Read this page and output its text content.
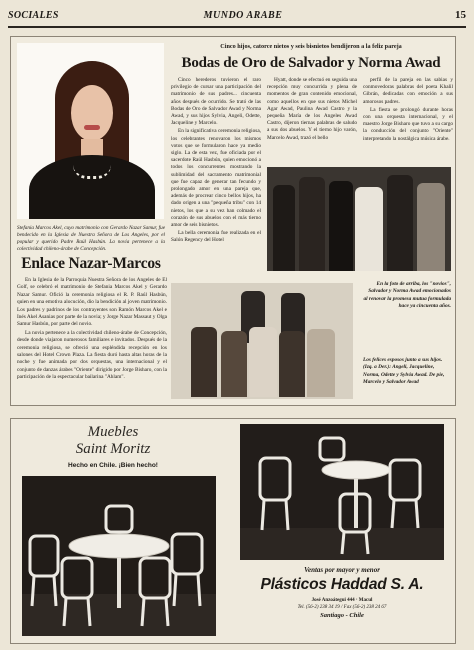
SOCIALES	MUNDO ARABE	15

Stefania Marcos Akel, cuyo matrimonio con Gerardo Nazar Samur, fue bendecido en la Iglesia de Nuestra Señora de Los Angeles, por el popular y querido Padre Raúl Hasbún. La novia pertenece a la colectividad chileno-árabe de Concepción.

Enlace Nazar-Marcos

En la Iglesia de la Parroquia Nuestra Señora de los Angeles de El Golf, se celebró el matrimonio de Stefania Marcos Akel y Gerardo Nazar Samur. Ofició la ceremonia religiosa el R. P. Raúl Hasbún, quien en una emotiva alocución, dio la bendición al joven matrimonio. Los padres y padrinos de los contrayentes son Ramón Marcos Akel e Inés Akel Asanias por parte de la novia; y Jorge Nazar Massaut y Olga Samur Hasbún, por parte del novio.

La novia pertenece a la colectividad chileno-árabe de Concepción, desde donde viajaron numerosos familiares e invitados. Después de la ceremonia religiosa, se ofreció una espléndida recepción en los salones del Hotel Crown Plaza. La fiesta duró hasta altas horas de la noche y fue animada por dos orquestas, una internacional y el conjunto de danzas árabes "Oriente" dirigido por Jorge Bisharo, con la participación de la espectacular bailarina "Ahlam".

Cinco hijos, catorce nietos y seis bisnietos bendijeron a la feliz pareja

Bodas de Oro de Salvador y Norma Awad

Cinco herederos tuvieron el raro privilegio de cursar una participación del matrimonio de sus padres... cincuenta años después de ocurrido. Se trató de las Bodas de Oro de Salvador Awad y Norma Awad, y sus hijos Sylvia, Angeli, Odette, Jacqueline y Marcelo.

En la significativa ceremonia religiosa, los celebrantes renovaron los mismos votos que se formularon hace ya medio siglo. La de esta vez, fue oficiada por el sacerdote Raúl Hasbún, quien emocionó a todos los concurrentes mostrando la sublimidad del sacramento matrimonial que fue capaz de generar tan fecundo y prolongado amor en una pareja que, además de procrear cinco bellos hijos, ha dado origen a una "pequeña tribu" con 14 nietos, los que a su vez han colmado el corazón de sus abuelos con el más tierno amor de seis bisnietos.

La bella ceremonia fue realizada en el Salón Regency del Hotel

Hyatt, donde se efectuó en seguida una recepción muy concurrida y plena de momentos de gran contenido emocional, como aquellos en que sus nietos Michel Agar Awad, Paulina Awad Castro y la pequeña María de los Angeles Awad Castro, dijeron tiernas palabras de saludo a sus dos abuelos. Y el tierno hijo varón, Marcelo Awad, trazó el bello

perfil de la pareja en las sabias y conmovedoras palabras del poeta Khalil Gibrán, dedicadas con emoción a sus amorosos padres.

La fiesta se prolongó durante horas con una orquesta internacional, y el maestro Jorge Bisharo que tuvo a su cargo la conducción del conjunto "Oriente" interpretando la nostálgica música árabe.

En la foto de arriba, los "novios", Salvador y Norma Awad emocionados al renovar la promesa mutua formulada hace ya cincuenta años.

Los felices esposos junto a sus hijos. (Izq. a Der.): Angeli, Jacqueline, Norma, Odette y Sylvia Awad. De pie, Marcelo y Salvador Awad

Muebles
Saint Moritz
Hecho en Chile. ¡Bien hecho!
Ventas por mayor y menor
Plásticos Haddad S. A.
José Anzoátegui 444 · Macul
Tel. (56-2) 238 34 19 / Fax (56-2) 238 24 67
Santiago - Chile
